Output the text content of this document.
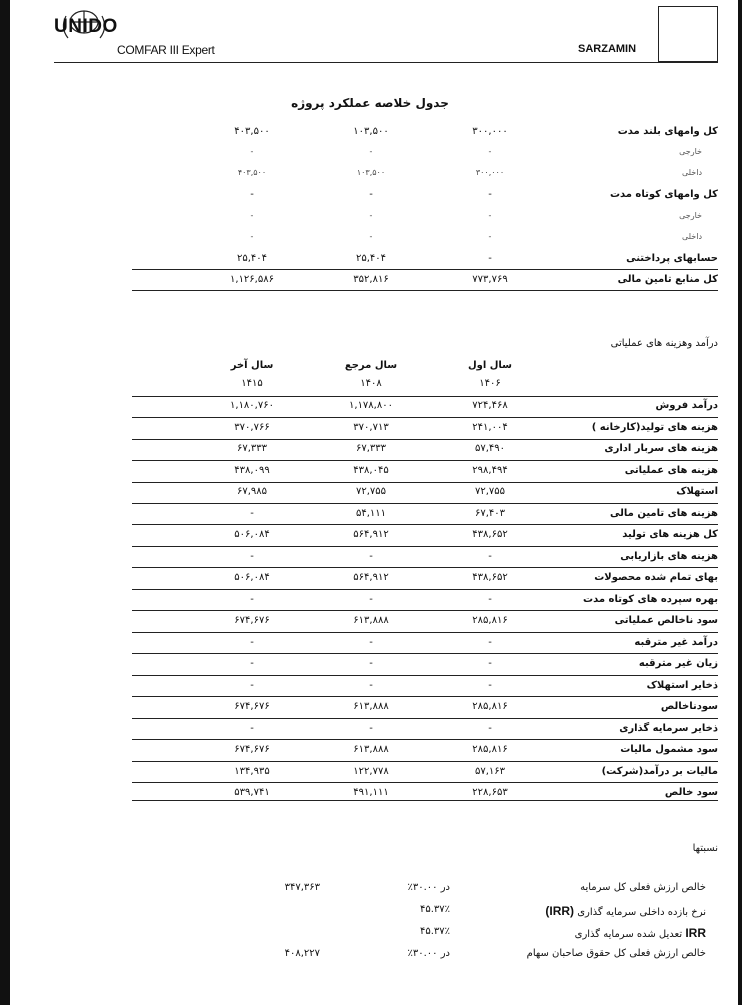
UNIDO
COMFAR III Expert	SARZAMIN
جدول خلاصه عملکرد پروژه
کل وامهای بلند مدت
۳۰۰,۰۰۰
۱۰۳,۵۰۰
۴۰۳,۵۰۰
خارجی
-
-
-
داخلی
۳۰۰,۰۰۰
۱۰۳,۵۰۰
۴۰۳,۵۰۰
کل وامهای کوتاه مدت
-
-
-
خارجی
-
-
-
داخلی
-
-
-
حسابهای پرداختنی
-
۲۵,۴۰۴
۲۵,۴۰۴
کل منابع تامین مالی
۷۷۳,۷۶۹
۳۵۲,۸۱۶
۱,۱۲۶,۵۸۶
درآمد وهزینه های عملیاتی
سال اول
سال مرجع
سال آخر
۱۴۰۶
۱۴۰۸
۱۴۱۵
درآمد فروش
۷۲۴,۴۶۸
۱,۱۷۸,۸۰۰
۱,۱۸۰,۷۶۰
هزینه های تولید(کارخانه )
۲۴۱,۰۰۴
۳۷۰,۷۱۳
۳۷۰,۷۶۶
هزینه های سربار اداری
۵۷,۴۹۰
۶۷,۳۳۳
۶۷,۳۳۳
هزینه های عملیاتی
۲۹۸,۴۹۴
۴۳۸,۰۴۵
۴۳۸,۰۹۹
استهلاک
۷۲,۷۵۵
۷۲,۷۵۵
۶۷,۹۸۵
هزینه های تامین مالی
۶۷,۴۰۳
۵۴,۱۱۱
-
کل هزینه های تولید
۴۳۸,۶۵۲
۵۶۴,۹۱۲
۵۰۶,۰۸۴
هزینه های بازاریابی
-
-
-
بهای تمام شده محصولات
۴۳۸,۶۵۲
۵۶۴,۹۱۲
۵۰۶,۰۸۴
بهره سپرده های کوتاه مدت
-
-
-
سود ناخالص عملیاتی
۲۸۵,۸۱۶
۶۱۳,۸۸۸
۶۷۴,۶۷۶
درآمد غیر مترقبه
-
-
-
زیان غیر مترقبه
-
-
-
ذخایر استهلاک
-
-
-
سودناخالص
۲۸۵,۸۱۶
۶۱۳,۸۸۸
۶۷۴,۶۷۶
ذخایر سرمایه گذاری
-
-
-
سود مشمول مالیات
۲۸۵,۸۱۶
۶۱۳,۸۸۸
۶۷۴,۶۷۶
مالیات بر درآمد(شرکت)
۵۷,۱۶۳
۱۲۲,۷۷۸
۱۳۴,۹۳۵
سود خالص
۲۲۸,۶۵۳
۴۹۱,۱۱۱
۵۳۹,۷۴۱
نسبتها
خالص ارزش فعلی کل سرمایه
در ۳۰.۰۰٪
۳۴۷,۳۶۳
نرخ بازده داخلی سرمایه گذاری (IRR)
۴۵.۳۷٪
IRR تعدیل شده سرمایه گذاری
۴۵.۳۷٪
خالص ارزش فعلی کل حقوق صاحبان سهام
در ۳۰.۰۰٪
۴۰۸,۲۲۷
